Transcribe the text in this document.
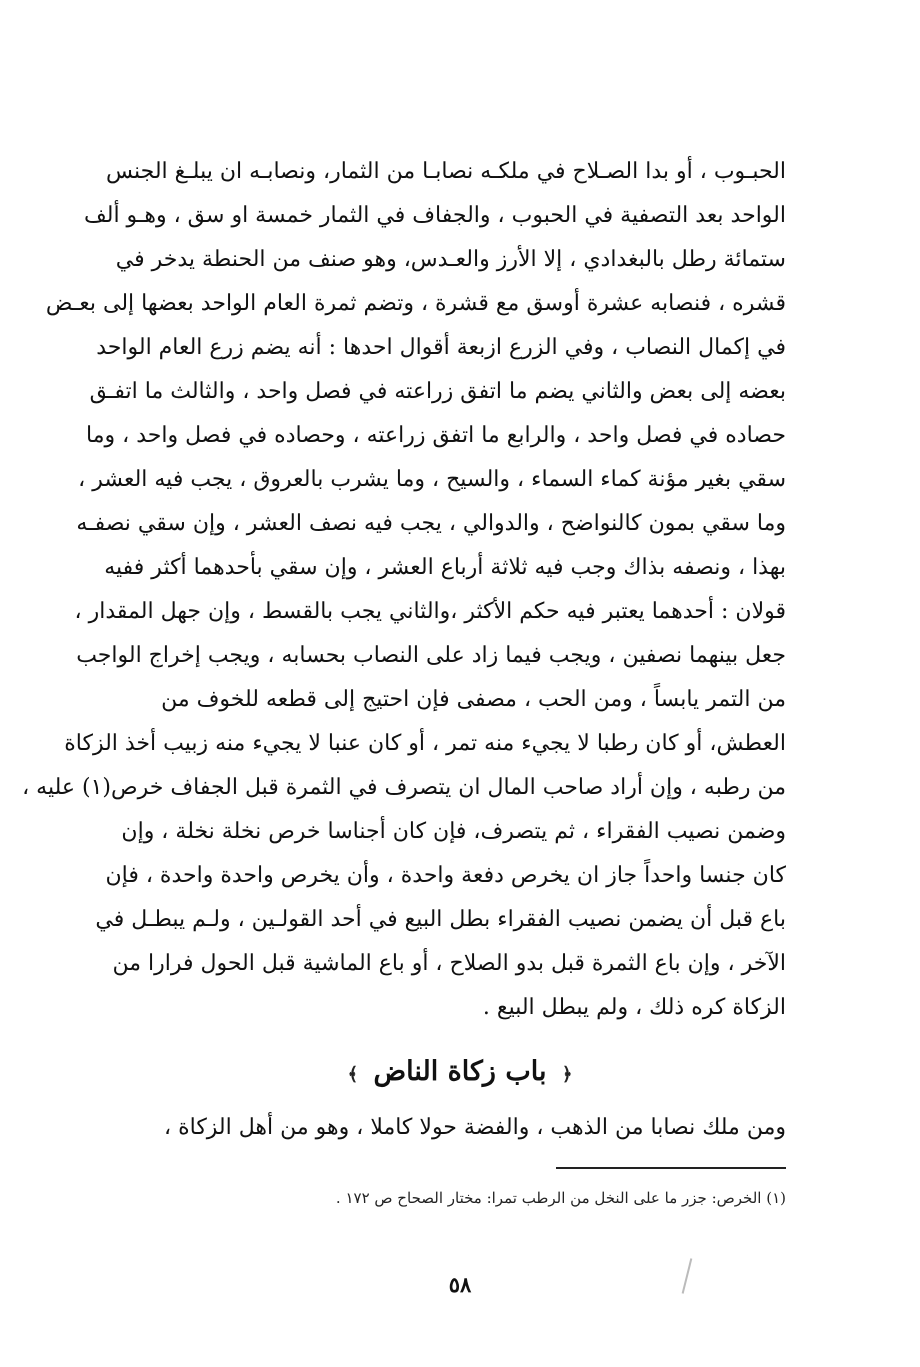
الحبـوب ، أو بدا الصـلاح في ملكـه نصابـا من الثمار، ونصابـه ان يبلـغ الجنس
الواحد بعد التصفية في الحبوب ، والجفاف في الثمار خمسة او سق ، وهـو ألف
ستمائة رطل بالبغدادي ، إلا الأرز والعـدس، وهو صنف من الحنطة يدخر في
قشره ، فنصابه عشرة أوسق مع قشرة ، وتضم ثمرة العام الواحد بعضها إلى بعـض
في إكمال النصاب ، وفي الزرع ازبعة أقوال احدها : أنه يضم زرع العام الواحد
بعضه إلى بعض والثاني يضم ما اتفق زراعته في فصل واحد ، والثالث ما اتفـق
حصاده في فصل واحد ، والرابع ما اتفق زراعته ، وحصاده في فصل واحد ، وما
سقي بغير مؤنة كماء السماء ، والسيح ، وما يشرب بالعروق ، يجب فيه العشر ،
وما سقي بمون كالنواضح ، والدوالي ، يجب فيه نصف العشر ، وإن سقي نصفـه
بهذا ، ونصفه بذاك وجب فيه ثلاثة أرباع العشر ، وإن سقي بأحدهما أكثر ففيه
قولان : أحدهما يعتبر فيه حكم الأكثر ،والثاني يجب بالقسط ، وإن جهل المقدار ،
جعل بينهما نصفين ، ويجب فيما زاد على النصاب بحسابه ، ويجب إخراج الواجب
من التمر يابساً ، ومن الحب ، مصفى فإن احتيج إلى قطعه للخوف من
العطش، أو كان رطبا لا يجيء منه تمر ، أو كان عنبا لا يجيء منه زبيب أخذ الزكاة
من رطبه ، وإن أراد صاحب المال ان يتصرف في الثمرة قبل الجفاف خرص(١) عليه ،
وضمن نصيب الفقراء ، ثم يتصرف، فإن كان أجناسا خرص نخلة نخلة ، وإن
كان جنسا واحداً جاز ان يخرص دفعة واحدة ، وأن يخرص واحدة واحدة ، فإن
باع قبل أن يضمن نصيب الفقراء بطل البيع في أحد القولـين ، ولـم يبطـل في
الآخر ، وإن باع الثمرة قبل بدو الصلاح ، أو باع الماشية قبل الحول فرارا من
الزكاة كره ذلك ، ولم يبطل البيع .
﴿ باب زكاة الناض ﴾
ومن ملك نصابا من الذهب ، والفضة حولا كاملا ، وهو من أهل الزكاة ،
(١) الخرص: جزر ما على النخل من الرطب تمرا: مختار الصحاح ص ١٧٢ .
٥٨
